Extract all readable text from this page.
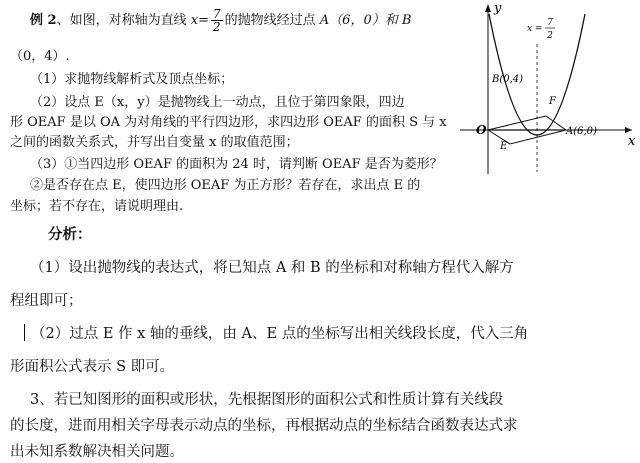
例 2、如图，对称轴为直线 $x= \frac{7}{2}$ 的抛物线经过点 A（6，0）和 B
（0，4）.
（1）求抛物线解析式及顶点坐标；
（2）设点 E（x，y）是抛物线上一动点，且位于第四象限，四边
形 OEAF 是以 OA 为对角线的平行四边形，求四边形 OEAF 的面积 S 与 x
之间的函数关系式，并写出自变量 x 的取值范围；
（3）①当四边形 OEAF 的面积为 24 时，请判断 OEAF 是否为菱形？
②是否存在点 E，使四边形 OEAF 为正方形？若存在，求出点 E 的
坐标；若不存在，请说明理由.
y
x
x =
7
2
B(0,4)
F
O
E
A(6,0)
分析：
（1）设出抛物线的表达式，将已知点 A 和 B 的坐标和对称轴方程代入解方
程组即可；
（2）过点 E 作 x 轴的垂线，由 A、E 点的坐标写出相关线段长度，代入三角
形面积公式表示 S 即可。
3、若已知图形的面积或形状，先根据图形的面积公式和性质计算有关线段
的长度，进而用相关字母表示动点的坐标，再根据动点的坐标结合函数表达式求
出未知系数解决相关问题。
